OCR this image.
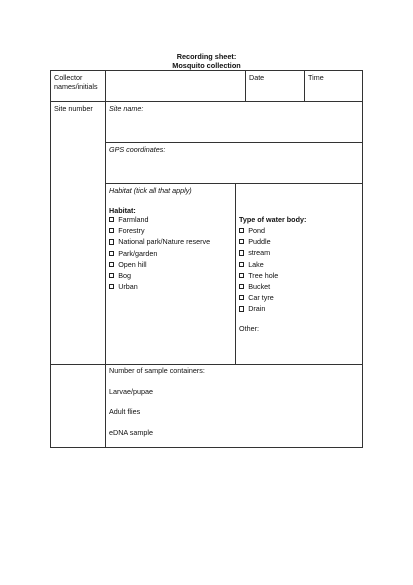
Recording sheet:
Mosquito collection
Collector
names/initials
Date	Time
Site number Site name:
GPS coordinates:
Habitat (tick all that apply)
Habitat:
Farmland
Forestry
National park/Nature reserve
Park/garden
Open hill
Bog
Urban
Type of water body:
Pond
Puddle
stream
Lake
Tree hole
Bucket
Car tyre
Drain
Other:
Number of sample containers:
Larvae/pupae
Adult flies
eDNA sample
